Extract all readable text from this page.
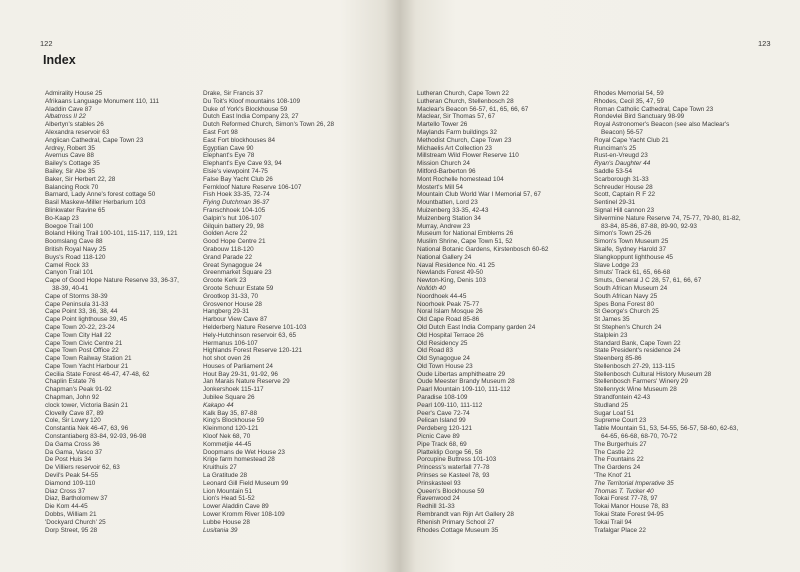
122
Index
Admirality House 25
Afrikaans Language Monument 110, 111
Aladdin Cave 87
Albatross II 22
Albertyn's stables 26
Alexandra reservoir 63
Anglican Cathedral, Cape Town 23
Ardrey, Robert 35
Avernus Cave 88
Bailey's Cottage 35
Bailey, Sir Abe 35
Baker, Sir Herbert 22, 28
Balancing Rock 70
Barnard, Lady Anne's forest cottage 50
Basil Maskew-Miller Herbarium 103
Blinkwater Ravine 65
Bo-Kaap 23
Boegoe Trail 100
Boland Hiking Trail 100-101, 115-117, 119, 121
Boomslang Cave 88
British Royal Navy 25
Buys's Road 118-120
Camel Rock 33
Canyon Trail 101
Cape of Good Hope Nature Reserve 33, 36-37,
38-39, 40-41
Cape of Storms 38-39
Cape Peninsula 31-33
Cape Point 33, 36, 38, 44
Cape Point lighthouse 39, 45
Cape Town 20-22, 23-24
Cape Town City Hall 22
Cape Town Civic Centre 21
Cape Town Post Office 22
Cape Town Railway Station 21
Cape Town Yacht Harbour 21
Cecilia State Forest 46-47, 47-48, 62
Chaplin Estate 76
Chapman's Peak 91-92
Chapman, John 92
clock tower, Victoria Basin 21
Clovelly Cave 87, 89
Cole, Sir Lowry 120
Constantia Nek 46-47, 63, 96
Constantiaberg 83-84, 92-93, 96-98
Da Gama Cross 36
Da Gama, Vasco 37
De Post Huis 34
De Villiers reservoir 62, 63
Devil's Peak 54-55
Diamond 109-110
Diaz Cross 37
Diaz, Bartholomew 37
Die Kom 44-45
Dobbs, William 21
'Dockyard Church' 25
Dorp Street, 95 28
Drake, Sir Francis 37
Du Toit's Kloof mountains 108-109
Duke of York's Blockhouse 59
Dutch East India Company 23, 27
Dutch Reformed Church, Simon's Town 26, 28
East Fort 98
East Fort blockhouses 84
Egyptian Cave 90
Elephant's Eye 78
Elephant's Eye Cave 93, 94
Elsie's viewpoint 74-75
False Bay Yacht Club 26
Fernkloof Nature Reserve 106-107
Fish Hoek 33-35, 72-74
Flying Dutchman 36-37
Franschhoek 104-105
Galpin's hut 106-107
Gilquin battery 29, 98
Golden Acre 22
Good Hope Centre 21
Grabouw 118-120
Grand Parade 22
Great Synagogue 24
Greenmarket Square 23
Groote Kerk 23
Groote Schuur Estate 59
Grootkop 31-33, 70
Grosvenor House 28
Hangberg 29-31
Harbour View Cave 87
Helderberg Nature Reserve 101-103
Hely-Hutchinson reservoir 63, 65
Hermanus 106-107
Highlands Forest Reserve 120-121
hot shot oven 26
Houses of Parliament 24
Hout Bay 29-31, 91-92, 96
Jan Marais Nature Reserve 29
Jonkershoek 115-117
Jubilee Square 26
Kakapo 44
Kalk Bay 35, 87-88
King's Blockhouse 59
Kleinmond 120-121
Kloof Nek 68, 70
Kommetjie 44-45
Doopmans de Wet House 23
Krige farm homestead 28
Kruithuis 27
La Gratitude 28
Leonard Gill Field Museum 99
Lion Mountain 51
Lion's Head 51-52
Lower Aladdin Cave 89
Lower Kromm River 108-109
Lubbe House 28
Lusitania 39
123
Lutheran Church, Cape Town 22
Lutheran Church, Stellenbosch 28
Maclear's Beacon 56-57, 61, 65, 66, 67
Maclear, Sir Thomas 57, 67
Martello Tower 26
Maylands Farm buildings 32
Methodist Church, Cape Town 23
Michaelis Art Collection 23
Millstream Wild Flower Reserve 110
Mission Church 24
Mitford-Barberton 96
Mont Rochelle homestead 104
Mostert's Mill 54
Mountain Club World War I Memorial 57, 67
Mountbatten, Lord 23
Muizenberg 33-35, 42-43
Muizenberg Station 34
Murray, Andrew 23
Museum for National Emblems 26
Muslim Shrine, Cape Town 51, 52
National Botanic Gardens, Kirstenbosch 60-62
National Gallery 24
Naval Residence No. 41 25
Newlands Forest 49-50
Newton-King, Denis 103
Nollóth 40
Noordhoek 44-45
Noorhoek Peak 75-77
Noral Islam Mosque 26
Old Cape Road 85-86
Old Dutch East India Company garden 24
Old Hospital Terrace 26
Old Residency 25
Old Road 83
Old Synagogue 24
Old Town House 23
Oude Libertas amphitheatre 29
Oude Meester Brandy Museum 28
Paarl Mountain 109-110, 111-112
Paradise 108-109
Pearl 109-110, 111-112
Peer's Cave 72-74
Pelican Island 99
Perdeberg 120-121
Picnic Cave 89
Pipe Track 68, 69
Platteklip Gorge 56, 58
Porcupine Buttress 101-103
Princess's waterfall 77-78
Prinses se Kasteel 78, 93
Prinskasteel 93
Queen's Blockhouse 59
Ravenwood 24
Redhill 31-33
Rembrandt van Rijn Art Gallery 28
Rhenish Primary School 27
Rhodes Cottage Museum 35
Rhodes Memorial 54, 59
Rhodes, Cecil 35, 47, 59
Roman Catholic Cathedral, Cape Town 23
Rondevlei Bird Sanctuary 98-99
Royal Astronomer's Beacon (see also Maclear's
Beacon) 56-57
Royal Cape Yacht Club 21
Runciman's 25
Rust-en-Vreugd 23
Ryan's Daughter 44
Saddle 53-54
Scarborough 31-33
Schreuder House 28
Scott, Captain R F 22
Sentinel 29-31
Signal Hill cannon 23
Silvermine Nature Reserve 74, 75-77, 79-80, 81-82,
83-84, 85-86, 87-88, 89-90, 92-93
Simon's Town 25-26
Simon's Town Museum 25
Skaife, Sydney Harold 37
Slangkoppunt lighthouse 45
Slave Lodge 23
Smuts' Track 61, 65, 66-68
Smuts, General J C 28, 57, 61, 66, 67
South African Museum 24
South African Navy 25
Spes Bona Forest 80
St George's Church 25
St James 35
St Stephen's Church 24
Stalplein 23
Standard Bank, Cape Town 22
State President's residence 24
Steenberg 85-86
Stellenbosch 27-29, 113-115
Stellenbosch Cultural History Museum 28
Stellenbosch Farmers' Winery 29
Stellenryck Wine Museum 28
Strandfontein 42-43
Studland 25
Sugar Loaf 51
Supreme Court 23
Table Mountain 51, 53, 54-55, 56-57, 58-60, 62-63,
64-65, 66-68, 68-70, 70-72
The Burgerhuis 27
The Castle 22
The Fountains 22
The Gardens 24
'The Knot' 21
The Territorial Imperative 35
Thomas T. Tucker 40
Tokai Forest 77-78, 97
Tokai Manor House 78, 83
Tokai State Forest 94-95
Tokai Trail 94
Trafalgar Place 22
